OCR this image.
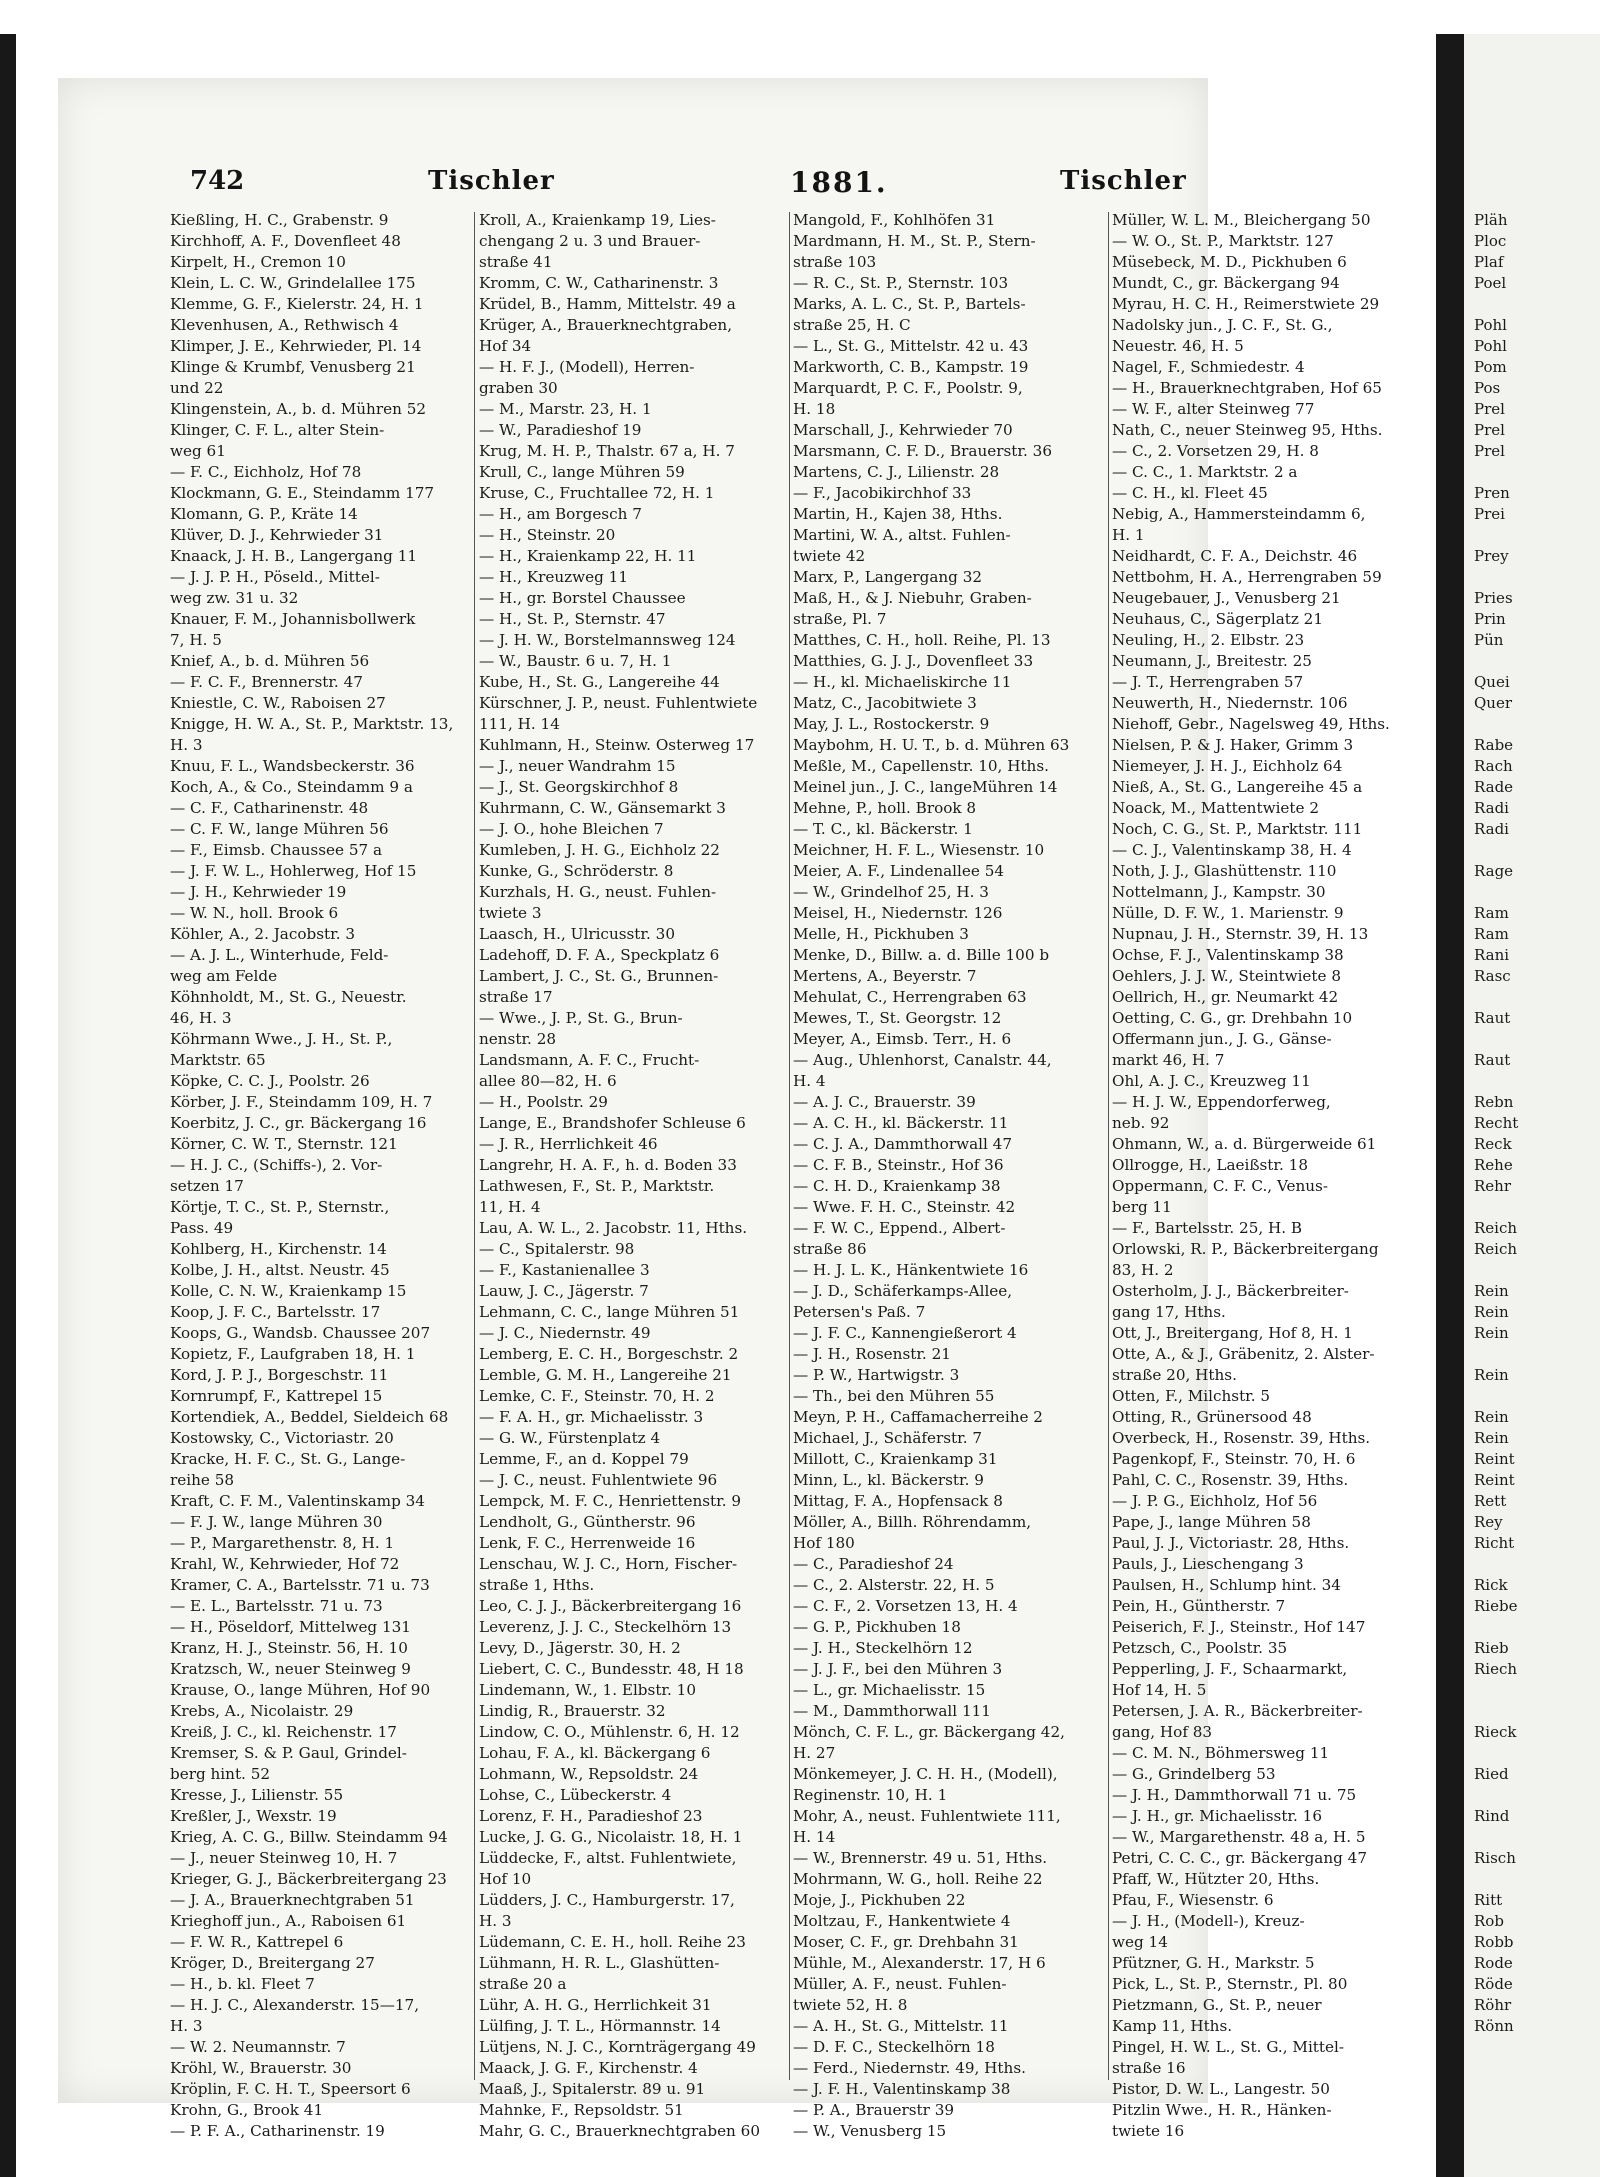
Pläh
Ploc
Plaf
Poel
Pohl
Pohl
Pom
Pos
Prel
Prel
Prel
Pren
Prei
Prey
Pries
Prin
Pün
Quei
Quer
Rabe
Rach
Rade
Radi
Radi
Rage
Ram
Ram
Rani
Rasc
Raut
Raut
Rebn
Recht
Reck
Rehe
Rehr
Reich
Reich
Rein
Rein
Rein
Rein
Rein
Rein
Reint
Reint
Rett
Rey
Richt
Rick
Riebe
Rieb
Riech
Rieck
Ried
Rind
Risch
Ritt
Rob
Robb
Rode
Röde
Röhr
Rönn
742	Tischler	1881.	Tischler
Kießling, H. C., Grabenstr. 9
Kirchhoff, A. F., Dovenfleet 48
Kirpelt, H., Cremon 10
Klein, L. C. W., Grindelallee 175
Klemme, G. F., Kielerstr. 24, H. 1
Klevenhusen, A., Rethwisch 4
Klimper, J. E., Kehrwieder, Pl. 14
Klinge & Krumbf, Venusberg 21
und 22
Klingenstein, A., b. d. Mühren 52
Klinger, C. F. L., alter Stein-
weg 61
— F. C., Eichholz, Hof 78
Klockmann, G. E., Steindamm 177
Klomann, G. P., Kräte 14
Klüver, D. J., Kehrwieder 31
Knaack, J. H. B., Langergang 11
— J. J. P. H., Pöseld., Mittel-
weg zw. 31 u. 32
Knauer, F. M., Johannisbollwerk
7, H. 5
Knief, A., b. d. Mühren 56
— F. C. F., Brennerstr. 47
Kniestle, C. W., Raboisen 27
Knigge, H. W. A., St. P., Marktstr. 13,
H. 3
Knuu, F. L., Wandsbeckerstr. 36
Koch, A., & Co., Steindamm 9 a
— C. F., Catharinenstr. 48
— C. F. W., lange Mühren 56
— F., Eimsb. Chaussee 57 a
— J. F. W. L., Hohlerweg, Hof 15
— J. H., Kehrwieder 19
— W. N., holl. Brook 6
Köhler, A., 2. Jacobstr. 3
— A. J. L., Winterhude, Feld-
weg am Felde
Köhnholdt, M., St. G., Neuestr.
46, H. 3
Köhrmann Wwe., J. H., St. P.,
Marktstr. 65
Köpke, C. C. J., Poolstr. 26
Körber, J. F., Steindamm 109, H. 7
Koerbitz, J. C., gr. Bäckergang 16
Körner, C. W. T., Sternstr. 121
— H. J. C., (Schiffs-), 2. Vor-
setzen 17
Körtje, T. C., St. P., Sternstr.,
Pass. 49
Kohlberg, H., Kirchenstr. 14
Kolbe, J. H., altst. Neustr. 45
Kolle, C. N. W., Kraienkamp 15
Koop, J. F. C., Bartelsstr. 17
Koops, G., Wandsb. Chaussee 207
Kopietz, F., Laufgraben 18, H. 1
Kord, J. P. J., Borgeschstr. 11
Kornrumpf, F., Kattrepel 15
Kortendiek, A., Beddel, Sieldeich 68
Kostowsky, C., Victoriastr. 20
Kracke, H. F. C., St. G., Lange-
reihe 58
Kraft, C. F. M., Valentinskamp 34
— F. J. W., lange Mühren 30
— P., Margarethenstr. 8, H. 1
Krahl, W., Kehrwieder, Hof 72
Kramer, C. A., Bartelsstr. 71 u. 73
— E. L., Bartelsstr. 71 u. 73
— H., Pöseldorf, Mittelweg 131
Kranz, H. J., Steinstr. 56, H. 10
Kratzsch, W., neuer Steinweg 9
Krause, O., lange Mühren, Hof 90
Krebs, A., Nicolaistr. 29
Kreiß, J. C., kl. Reichenstr. 17
Kremser, S. & P. Gaul, Grindel-
berg hint. 52
Kresse, J., Lilienstr. 55
Kreßler, J., Wexstr. 19
Krieg, A. C. G., Billw. Steindamm 94
— J., neuer Steinweg 10, H. 7
Krieger, G. J., Bäckerbreitergang 23
— J. A., Brauerknechtgraben 51
Krieghoff jun., A., Raboisen 61
— F. W. R., Kattrepel 6
Kröger, D., Breitergang 27
— H., b. kl. Fleet 7
— H. J. C., Alexanderstr. 15—17,
H. 3
— W. 2. Neumannstr. 7
Kröhl, W., Brauerstr. 30
Kröplin, F. C. H. T., Speersort 6
Krohn, G., Brook 41
— P. F. A., Catharinenstr. 19
Kroll, A., Kraienkamp 19, Lies-
chengang 2 u. 3 und Brauer-
straße 41
Kromm, C. W., Catharinenstr. 3
Krüdel, B., Hamm, Mittelstr. 49 a
Krüger, A., Brauerknechtgraben,
Hof 34
— H. F. J., (Modell), Herren-
graben 30
— M., Marstr. 23, H. 1
— W., Paradieshof 19
Krug, M. H. P., Thalstr. 67 a, H. 7
Krull, C., lange Mühren 59
Kruse, C., Fruchtallee 72, H. 1
— H., am Borgesch 7
— H., Steinstr. 20
— H., Kraienkamp 22, H. 11
— H., Kreuzweg 11
— H., gr. Borstel Chaussee
— H., St. P., Sternstr. 47
— J. H. W., Borstelmannsweg 124
— W., Baustr. 6 u. 7, H. 1
Kube, H., St. G., Langereihe 44
Kürschner, J. P., neust. Fuhlentwiete
111, H. 14
Kuhlmann, H., Steinw. Osterweg 17
— J., neuer Wandrahm 15
— J., St. Georgskirchhof 8
Kuhrmann, C. W., Gänsemarkt 3
— J. O., hohe Bleichen 7
Kumleben, J. H. G., Eichholz 22
Kunke, G., Schröderstr. 8
Kurzhals, H. G., neust. Fuhlen-
twiete 3
Laasch, H., Ulricusstr. 30
Ladehoff, D. F. A., Speckplatz 6
Lambert, J. C., St. G., Brunnen-
straße 17
— Wwe., J. P., St. G., Brun-
nenstr. 28
Landsmann, A. F. C., Frucht-
allee 80—82, H. 6
— H., Poolstr. 29
Lange, E., Brandshofer Schleuse 6
— J. R., Herrlichkeit 46
Langrehr, H. A. F., h. d. Boden 33
Lathwesen, F., St. P., Marktstr.
11, H. 4
Lau, A. W. L., 2. Jacobstr. 11, Hths.
— C., Spitalerstr. 98
— F., Kastanienallee 3
Lauw, J. C., Jägerstr. 7
Lehmann, C. C., lange Mühren 51
— J. C., Niedernstr. 49
Lemberg, E. C. H., Borgeschstr. 2
Lemble, G. M. H., Langereihe 21
Lemke, C. F., Steinstr. 70, H. 2
— F. A. H., gr. Michaelisstr. 3
— G. W., Fürstenplatz 4
Lemme, F., an d. Koppel 79
— J. C., neust. Fuhlentwiete 96
Lempck, M. F. C., Henriettenstr. 9
Lendholt, G., Güntherstr. 96
Lenk, F. C., Herrenweide 16
Lenschau, W. J. C., Horn, Fischer-
straße 1, Hths.
Leo, C. J. J., Bäckerbreitergang 16
Leverenz, J. J. C., Steckelhörn 13
Levy, D., Jägerstr. 30, H. 2
Liebert, C. C., Bundesstr. 48, H 18
Lindemann, W., 1. Elbstr. 10
Lindig, R., Brauerstr. 32
Lindow, C. O., Mühlenstr. 6, H. 12
Lohau, F. A., kl. Bäckergang 6
Lohmann, W., Repsoldstr. 24
Lohse, C., Lübeckerstr. 4
Lorenz, F. H., Paradieshof 23
Lucke, J. G. G., Nicolaistr. 18, H. 1
Lüddecke, F., altst. Fuhlentwiete,
Hof 10
Lüdders, J. C., Hamburgerstr. 17,
H. 3
Lüdemann, C. E. H., holl. Reihe 23
Lühmann, H. R. L., Glashütten-
straße 20 a
Lühr, A. H. G., Herrlichkeit 31
Lülfing, J. T. L., Hörmannstr. 14
Lütjens, N. J. C., Kornträgergang 49
Maack, J. G. F., Kirchenstr. 4
Maaß, J., Spitalerstr. 89 u. 91
Mahnke, F., Repsoldstr. 51
Mahr, G. C., Brauerknechtgraben 60
Mangold, F., Kohlhöfen 31
Mardmann, H. M., St. P., Stern-
straße 103
— R. C., St. P., Sternstr. 103
Marks, A. L. C., St. P., Bartels-
straße 25, H. C
— L., St. G., Mittelstr. 42 u. 43
Markworth, C. B., Kampstr. 19
Marquardt, P. C. F., Poolstr. 9,
H. 18
Marschall, J., Kehrwieder 70
Marsmann, C. F. D., Brauerstr. 36
Martens, C. J., Lilienstr. 28
— F., Jacobikirchhof 33
Martin, H., Kajen 38, Hths.
Martini, W. A., altst. Fuhlen-
twiete 42
Marx, P., Langergang 32
Maß, H., & J. Niebuhr, Graben-
straße, Pl. 7
Matthes, C. H., holl. Reihe, Pl. 13
Matthies, G. J. J., Dovenfleet 33
— H., kl. Michaeliskirche 11
Matz, C., Jacobitwiete 3
May, J. L., Rostockerstr. 9
Maybohm, H. U. T., b. d. Mühren 63
Meßle, M., Capellenstr. 10, Hths.
Meinel jun., J. C., langeMühren 14
Mehne, P., holl. Brook 8
— T. C., kl. Bäckerstr. 1
Meichner, H. F. L., Wiesenstr. 10
Meier, A. F., Lindenallee 54
— W., Grindelhof 25, H. 3
Meisel, H., Niedernstr. 126
Melle, H., Pickhuben 3
Menke, D., Billw. a. d. Bille 100 b
Mertens, A., Beyerstr. 7
Mehulat, C., Herrengraben 63
Mewes, T., St. Georgstr. 12
Meyer, A., Eimsb. Terr., H. 6
— Aug., Uhlenhorst, Canalstr. 44,
H. 4
— A. J. C., Brauerstr. 39
— A. C. H., kl. Bäckerstr. 11
— C. J. A., Dammthorwall 47
— C. F. B., Steinstr., Hof 36
— C. H. D., Kraienkamp 38
— Wwe. F. H. C., Steinstr. 42
— F. W. C., Eppend., Albert-
straße 86
— H. J. L. K., Hänkentwiete 16
— J. D., Schäferkamps-Allee,
Petersen's Paß. 7
— J. F. C., Kannengießerort 4
— J. H., Rosenstr. 21
— P. W., Hartwigstr. 3
— Th., bei den Mühren 55
Meyn, P. H., Caffamacherreihe 2
Michael, J., Schäferstr. 7
Millott, C., Kraienkamp 31
Minn, L., kl. Bäckerstr. 9
Mittag, F. A., Hopfensack 8
Möller, A., Billh. Röhrendamm,
Hof 180
— C., Paradieshof 24
— C., 2. Alsterstr. 22, H. 5
— C. F., 2. Vorsetzen 13, H. 4
— G. P., Pickhuben 18
— J. H., Steckelhörn 12
— J. J. F., bei den Mühren 3
— L., gr. Michaelisstr. 15
— M., Dammthorwall 111
Mönch, C. F. L., gr. Bäckergang 42,
H. 27
Mönkemeyer, J. C. H. H., (Modell),
Reginenstr. 10, H. 1
Mohr, A., neust. Fuhlentwiete 111,
H. 14
— W., Brennerstr. 49 u. 51, Hths.
Mohrmann, W. G., holl. Reihe 22
Moje, J., Pickhuben 22
Moltzau, F., Hankentwiete 4
Moser, C. F., gr. Drehbahn 31
Mühle, M., Alexanderstr. 17, H 6
Müller, A. F., neust. Fuhlen-
twiete 52, H. 8
— A. H., St. G., Mittelstr. 11
— D. F. C., Steckelhörn 18
— Ferd., Niedernstr. 49, Hths.
— J. F. H., Valentinskamp 38
— P. A., Brauerstr 39
— W., Venusberg 15
Müller, W. L. M., Bleichergang 50
— W. O., St. P., Marktstr. 127
Müsebeck, M. D., Pickhuben 6
Mundt, C., gr. Bäckergang 94
Myrau, H. C. H., Reimerstwiete 29
Nadolsky jun., J. C. F., St. G.,
Neuestr. 46, H. 5
Nagel, F., Schmiedestr. 4
— H., Brauerknechtgraben, Hof 65
— W. F., alter Steinweg 77
Nath, C., neuer Steinweg 95, Hths.
— C., 2. Vorsetzen 29, H. 8
— C. C., 1. Marktstr. 2 a
— C. H., kl. Fleet 45
Nebig, A., Hammersteindamm 6,
H. 1
Neidhardt, C. F. A., Deichstr. 46
Nettbohm, H. A., Herrengraben 59
Neugebauer, J., Venusberg 21
Neuhaus, C., Sägerplatz 21
Neuling, H., 2. Elbstr. 23
Neumann, J., Breitestr. 25
— J. T., Herrengraben 57
Neuwerth, H., Niedernstr. 106
Niehoff, Gebr., Nagelsweg 49, Hths.
Nielsen, P. & J. Haker, Grimm 3
Niemeyer, J. H. J., Eichholz 64
Nieß, A., St. G., Langereihe 45 a
Noack, M., Mattentwiete 2
Noch, C. G., St. P., Marktstr. 111
— C. J., Valentinskamp 38, H. 4
Noth, J. J., Glashüttenstr. 110
Nottelmann, J., Kampstr. 30
Nülle, D. F. W., 1. Marienstr. 9
Nupnau, J. H., Sternstr. 39, H. 13
Ochse, F. J., Valentinskamp 38
Oehlers, J. J. W., Steintwiete 8
Oellrich, H., gr. Neumarkt 42
Oetting, C. G., gr. Drehbahn 10
Offermann jun., J. G., Gänse-
markt 46, H. 7
Ohl, A. J. C., Kreuzweg 11
— H. J. W., Eppendorferweg,
neb. 92
Ohmann, W., a. d. Bürgerweide 61
Ollrogge, H., Laeißstr. 18
Oppermann, C. F. C., Venus-
berg 11
— F., Bartelsstr. 25, H. B
Orlowski, R. P., Bäckerbreitergang
83, H. 2
Osterholm, J. J., Bäckerbreiter-
gang 17, Hths.
Ott, J., Breitergang, Hof 8, H. 1
Otte, A., & J., Gräbenitz, 2. Alster-
straße 20, Hths.
Otten, F., Milchstr. 5
Otting, R., Grünersood 48
Overbeck, H., Rosenstr. 39, Hths.
Pagenkopf, F., Steinstr. 70, H. 6
Pahl, C. C., Rosenstr. 39, Hths.
— J. P. G., Eichholz, Hof 56
Pape, J., lange Mühren 58
Paul, J. J., Victoriastr. 28, Hths.
Pauls, J., Lieschengang 3
Paulsen, H., Schlump hint. 34
Pein, H., Güntherstr. 7
Peiserich, F. J., Steinstr., Hof 147
Petzsch, C., Poolstr. 35
Pepperling, J. F., Schaarmarkt,
Hof 14, H. 5
Petersen, J. A. R., Bäckerbreiter-
gang, Hof 83
— C. M. N., Böhmersweg 11
— G., Grindelberg 53
— J. H., Dammthorwall 71 u. 75
— J. H., gr. Michaelisstr. 16
— W., Margarethenstr. 48 a, H. 5
Petri, C. C. C., gr. Bäckergang 47
Pfaff, W., Hützter 20, Hths.
Pfau, F., Wiesenstr. 6
— J. H., (Modell-), Kreuz-
weg 14
Pfützner, G. H., Markstr. 5
Pick, L., St. P., Sternstr., Pl. 80
Pietzmann, G., St. P., neuer
Kamp 11, Hths.
Pingel, H. W. L., St. G., Mittel-
straße 16
Pistor, D. W. L., Langestr. 50
Pitzlin Wwe., H. R., Hänken-
twiete 16
